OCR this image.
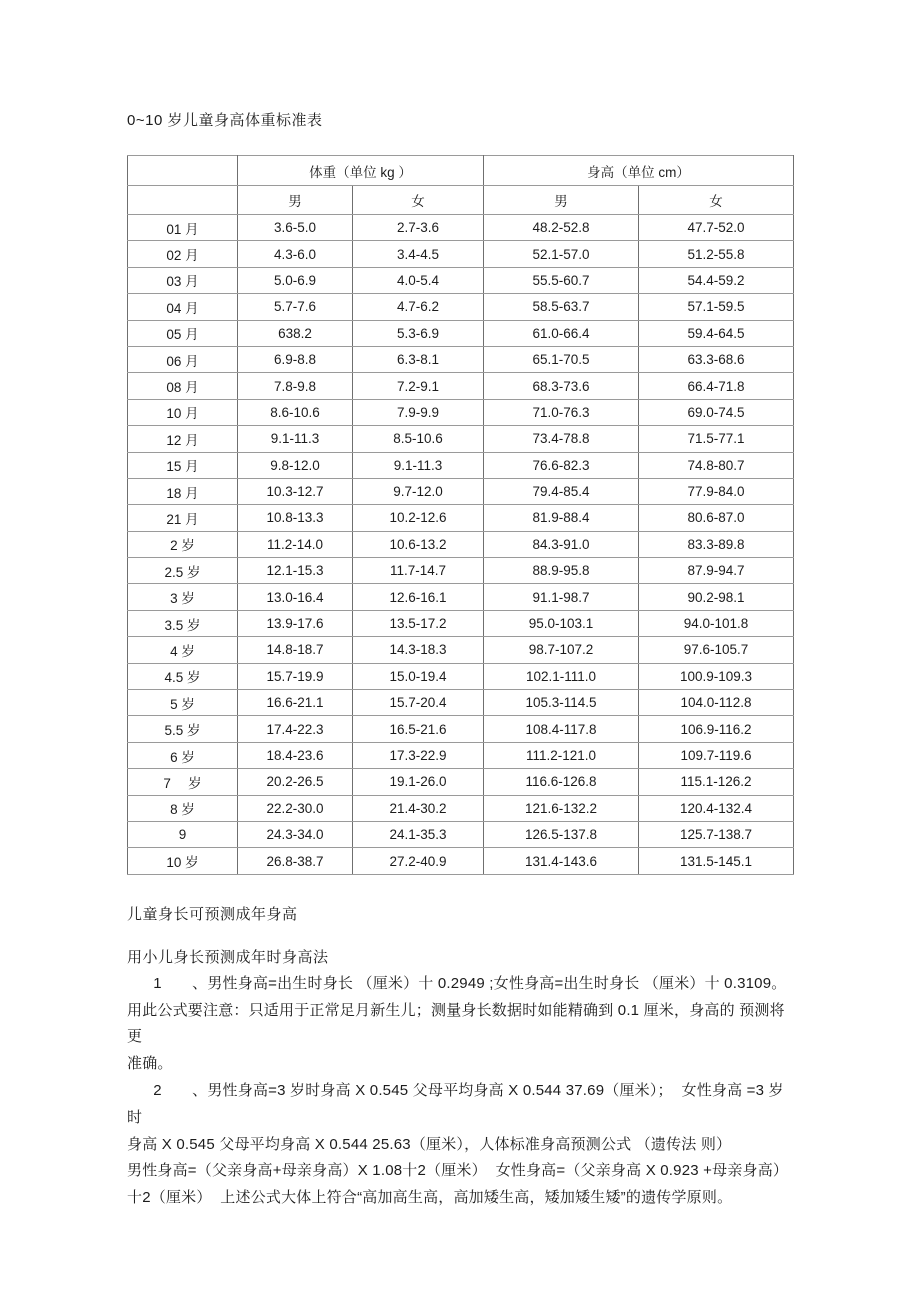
0~10 岁儿童身高体重标准表
	体重（单位 kg ）		身高（单位 cm）	
	男	女	男	女
01 月	3.6-5.0	2.7-3.6	48.2-52.8	47.7-52.0
02 月	4.3-6.0	3.4-4.5	52.1-57.0	51.2-55.8
03 月	5.0-6.9	4.0-5.4	55.5-60.7	54.4-59.2
04 月	5.7-7.6	4.7-6.2	58.5-63.7	57.1-59.5
05 月	638.2	5.3-6.9	61.0-66.4	59.4-64.5
06 月	6.9-8.8	6.3-8.1	65.1-70.5	63.3-68.6
08 月	7.8-9.8	7.2-9.1	68.3-73.6	66.4-71.8
10 月	8.6-10.6	7.9-9.9	71.0-76.3	69.0-74.5
12 月	9.1-11.3	8.5-10.6	73.4-78.8	71.5-77.1
15 月	9.8-12.0	9.1-11.3	76.6-82.3	74.8-80.7
18 月	10.3-12.7	9.7-12.0	79.4-85.4	77.9-84.0
21 月	10.8-13.3	10.2-12.6	81.9-88.4	80.6-87.0
2 岁	11.2-14.0	10.6-13.2	84.3-91.0	83.3-89.8
2.5 岁	12.1-15.3	11.7-14.7	88.9-95.8	87.9-94.7
3 岁	13.0-16.4	12.6-16.1	91.1-98.7	90.2-98.1
3.5 岁	13.9-17.6	13.5-17.2	95.0-103.1	94.0-101.8
4 岁	14.8-18.7	14.3-18.3	98.7-107.2	97.6-105.7
4.5 岁	15.7-19.9	15.0-19.4	102.1-111.0	100.9-109.3
5 岁	16.6-21.1	15.7-20.4	105.3-114.5	104.0-112.8
5.5 岁	17.4-22.3	16.5-21.6	108.4-117.8	106.9-116.2
6 岁	18.4-23.6	17.3-22.9	111.2-121.0	109.7-119.6
7　 岁	20.2-26.5	19.1-26.0	116.6-126.8	115.1-126.2
8 岁	22.2-30.0	21.4-30.2	121.6-132.2	120.4-132.4
9	24.3-34.0	24.1-35.3	126.5-137.8	125.7-138.7
10 岁	26.8-38.7	27.2-40.9	131.4-143.6	131.5-145.1
儿童身长可预测成年身高
用小儿身长预测成年时身高法
1　　、男性身高=出生时身长 （厘米）十 0.2949 ;女性身高=出生时身长 （厘米）十 0.3109。
用此公式要注意：只适用于正常足月新生儿；测量身长数据时如能精确到 0.1 厘米，身高的 预测将更
准确。
2　　、男性身高=3 岁时身高 X 0.545 父母平均身高 X 0.544 37.69（厘米）；  女性身高 =3 岁时
身高 X 0.545 父母平均身高 X 0.544 25.63（厘米），人体标准身高预测公式 （遗传法 则）
男性身高=（父亲身高+母亲身高）X 1.08十2（厘米）  女性身高=（父亲身高 X 0.923 +母亲身高）
十2（厘米）  上述公式大体上符合“高加高生高，高加矮生高，矮加矮生矮”的遗传学原则。
